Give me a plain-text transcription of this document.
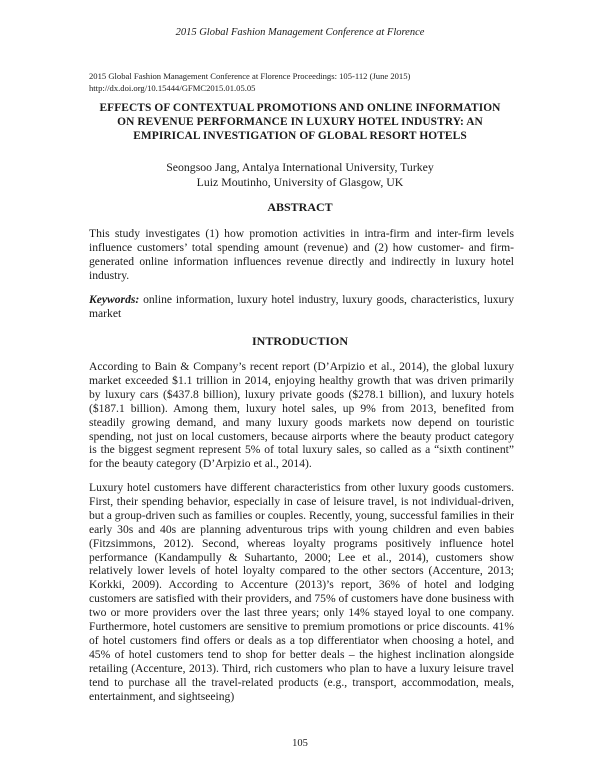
2015 Global Fashion Management Conference at Florence
2015 Global Fashion Management Conference at Florence Proceedings: 105-112 (June 2015)
http://dx.doi.org/10.15444/GFMC2015.01.05.05
EFFECTS OF CONTEXTUAL PROMOTIONS AND ONLINE INFORMATION
ON REVENUE PERFORMANCE IN LUXURY HOTEL INDUSTRY: AN
EMPIRICAL INVESTIGATION OF GLOBAL RESORT HOTELS
Seongsoo Jang, Antalya International University, Turkey
Luiz Moutinho, University of Glasgow, UK
ABSTRACT
This study investigates (1) how promotion activities in intra-firm and inter-firm levels influence customers’ total spending amount (revenue) and (2) how customer- and firm-generated online information influences revenue directly and indirectly in luxury hotel industry.
Keywords: online information, luxury hotel industry, luxury goods, characteristics, luxury market
INTRODUCTION
According to Bain & Company’s recent report (D’Arpizio et al., 2014), the global luxury market exceeded $1.1 trillion in 2014, enjoying healthy growth that was driven primarily by luxury cars ($437.8 billion), luxury private goods ($278.1 billion), and luxury hotels ($187.1 billion). Among them, luxury hotel sales, up 9% from 2013, benefited from steadily growing demand, and many luxury goods markets now depend on touristic spending, not just on local customers, because airports where the beauty product category is the biggest segment represent 5% of total luxury sales, so called as a “sixth continent” for the beauty category (D’Arpizio et al., 2014).
Luxury hotel customers have different characteristics from other luxury goods customers. First, their spending behavior, especially in case of leisure travel, is not individual-driven, but a group-driven such as families or couples. Recently, young, successful families in their early 30s and 40s are planning adventurous trips with young children and even babies (Fitzsimmons, 2012). Second, whereas loyalty programs positively influence hotel performance (Kandampully & Suhartanto, 2000; Lee et al., 2014), customers show relatively lower levels of hotel loyalty compared to the other sectors (Accenture, 2013; Korkki, 2009). According to Accenture (2013)’s report, 36% of hotel and lodging customers are satisfied with their providers, and 75% of customers have done business with two or more providers over the last three years; only 14% stayed loyal to one company. Furthermore, hotel customers are sensitive to premium promotions or price discounts. 41% of hotel customers find offers or deals as a top differentiator when choosing a hotel, and 45% of hotel customers tend to shop for better deals – the highest inclination alongside retailing (Accenture, 2013). Third, rich customers who plan to have a luxury leisure travel tend to purchase all the travel-related products (e.g., transport, accommodation, meals, entertainment, and sightseeing)
105
